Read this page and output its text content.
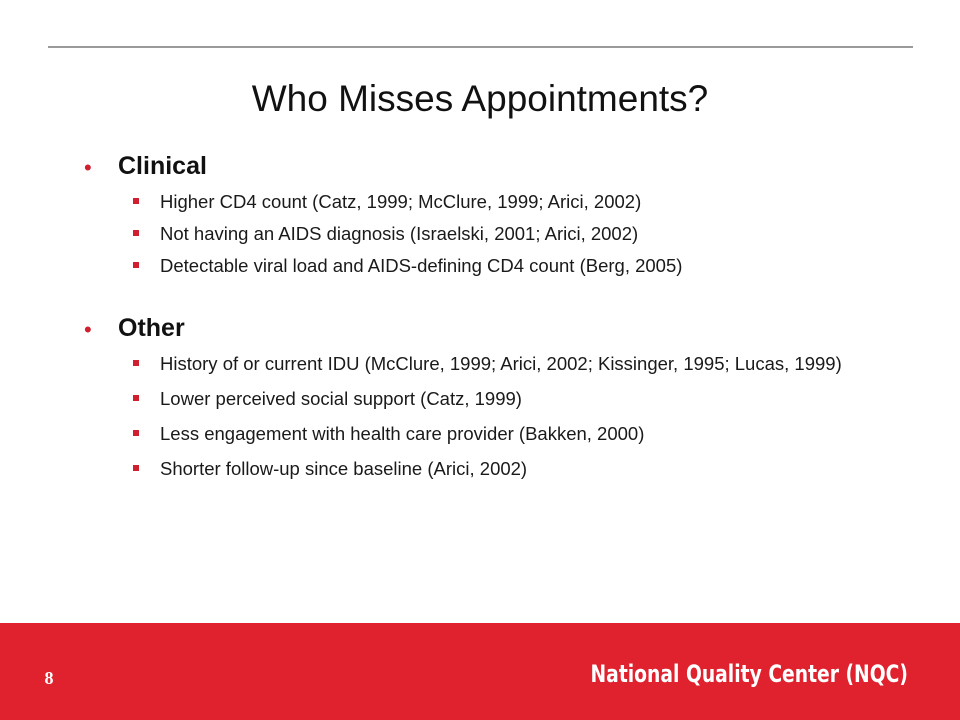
Who Misses Appointments?
• Clinical
Higher CD4 count (Catz, 1999; McClure, 1999; Arici, 2002)
Not having an AIDS diagnosis (Israelski, 2001; Arici, 2002)
Detectable viral load and AIDS-defining CD4 count (Berg, 2005)
• Other
History of or current IDU (McClure, 1999; Arici, 2002; Kissinger, 1995; Lucas, 1999)
Lower perceived social support (Catz, 1999)
Less engagement with health care provider (Bakken, 2000)
Shorter follow-up since baseline (Arici, 2002)
8	National Quality Center (NQC)
